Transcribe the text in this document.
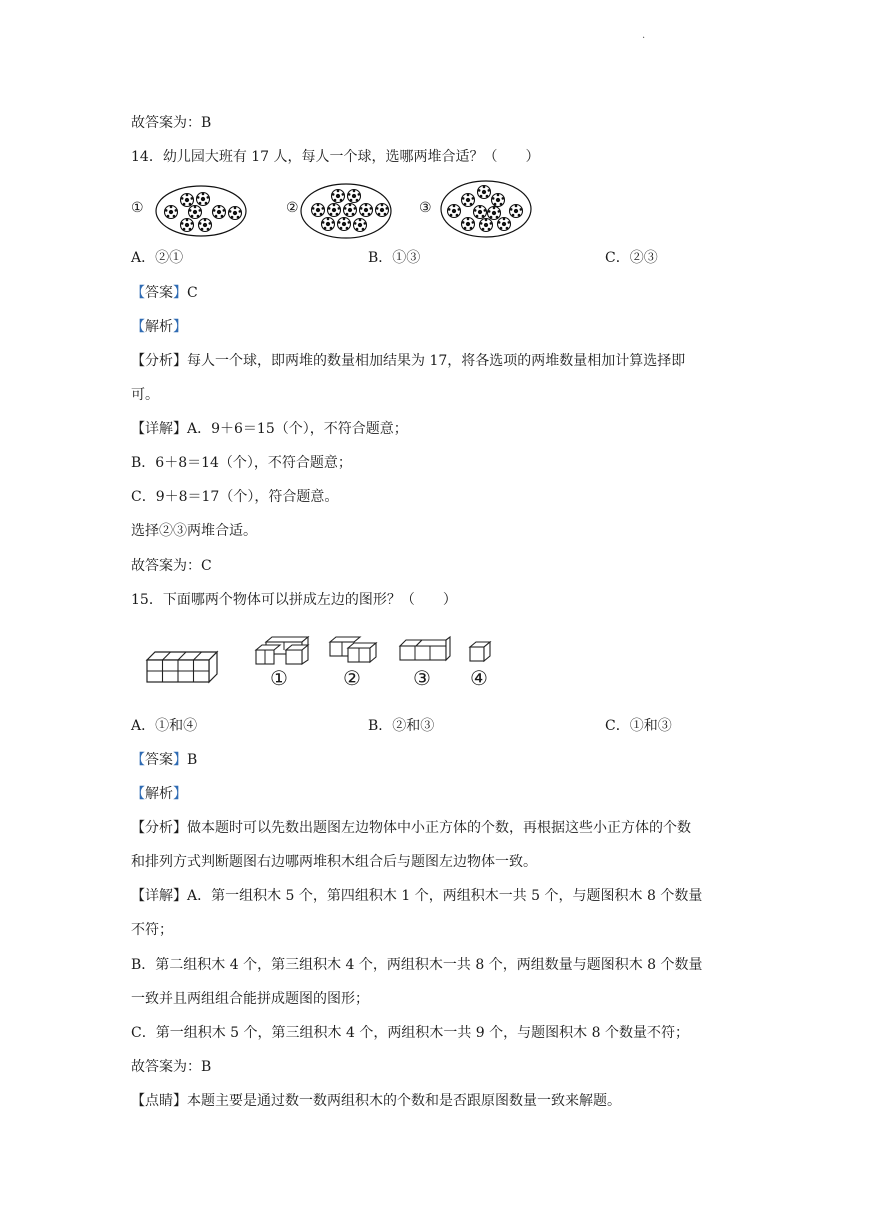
.
故答案为：B
14．幼儿园大班有 17 人，每人一个球，选哪两堆合适？（　　）
①	②	③
A．②①	B．①③	C．②③
【答案】C
【解析】
【分析】每人一个球，即两堆的数量相加结果为 17，将各选项的两堆数量相加计算选择即
可。
【详解】A．9＋6＝15（个），不符合题意；
B．6＋8＝14（个），不符合题意；
C．9＋8＝17（个），符合题意。
选择②③两堆合适。
故答案为：C
15．下面哪两个物体可以拼成左边的图形？（　　）
①	②	③ ④
A．①和④	B．②和③	C．①和③
【答案】B
【解析】
【分析】做本题时可以先数出题图左边物体中小正方体的个数，再根据这些小正方体的个数
和排列方式判断题图右边哪两堆积木组合后与题图左边物体一致。
【详解】A．第一组积木 5 个，第四组积木 1 个，两组积木一共 5 个，与题图积木 8 个数量
不符；
B．第二组积木 4 个，第三组积木 4 个，两组积木一共 8 个，两组数量与题图积木 8 个数量
一致并且两组组合能拼成题图的图形；
C．第一组积木 5 个，第三组积木 4 个，两组积木一共 9 个，与题图积木 8 个数量不符；
故答案为：B
【点睛】本题主要是通过数一数两组积木的个数和是否跟原图数量一致来解题。
